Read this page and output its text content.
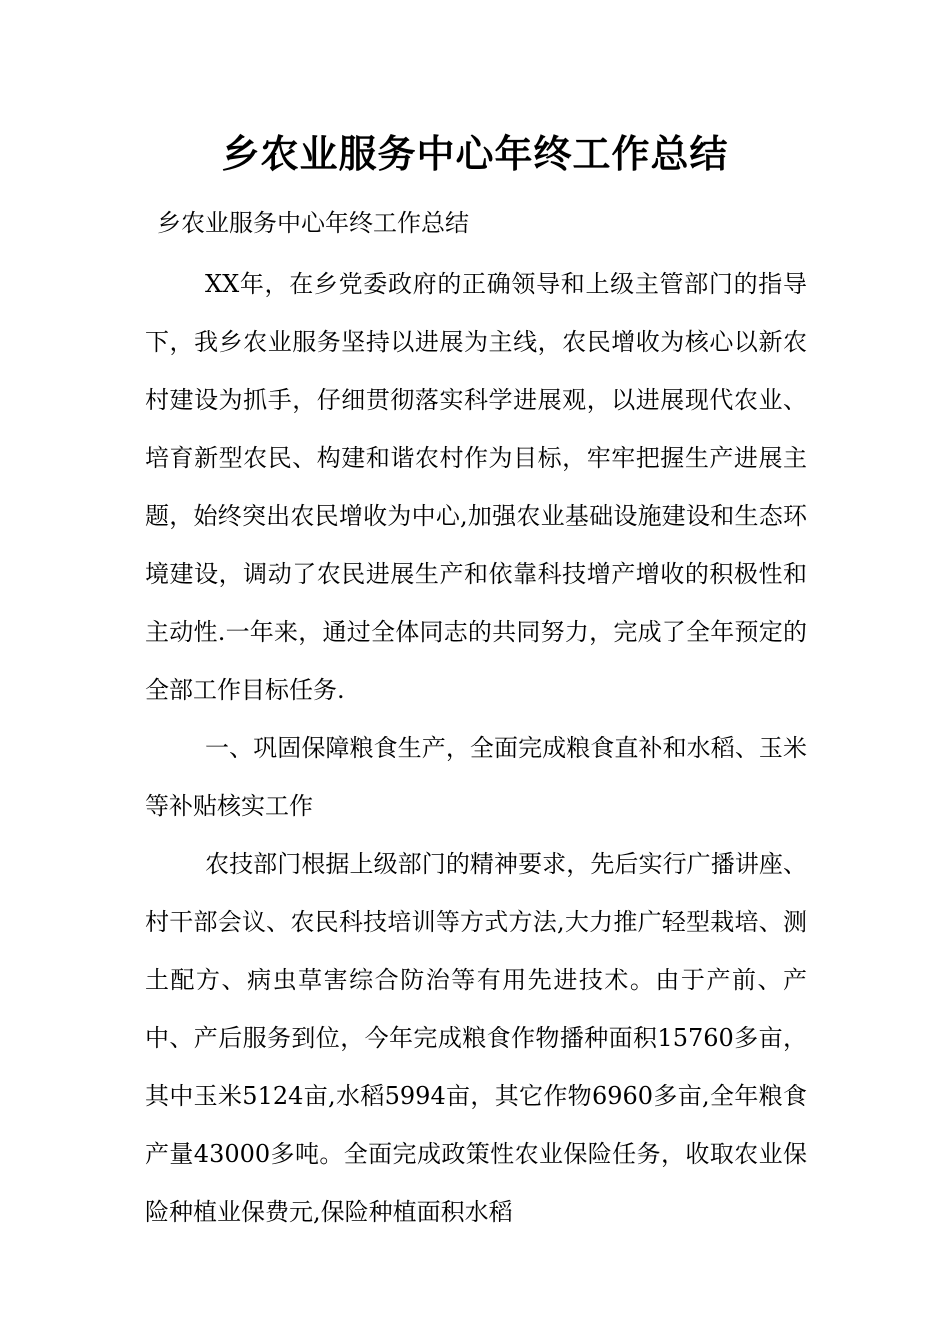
乡农业服务中心年终工作总结

乡农业服务中心年终工作总结

XX年，在乡党委政府的正确领导和上级主管部门的指导下，我乡农业服务坚持以进展为主线，农民增收为核心以新农村建设为抓手，仔细贯彻落实科学进展观，以进展现代农业、培育新型农民、构建和谐农村作为目标，牢牢把握生产进展主题，始终突出农民增收为中心,加强农业基础设施建设和生态环境建设，调动了农民进展生产和依靠科技增产增收的积极性和主动性.一年来，通过全体同志的共同努力，完成了全年预定的全部工作目标任务.

一、巩固保障粮食生产，全面完成粮食直补和水稻、玉米等补贴核实工作

农技部门根据上级部门的精神要求，先后实行广播讲座、村干部会议、农民科技培训等方式方法,大力推广轻型栽培、测土配方、病虫草害综合防治等有用先进技术。由于产前、产中、产后服务到位，今年完成粮食作物播种面积15760多亩，其中玉米5124亩,水稻5994亩，其它作物6960多亩,全年粮食产量43000多吨。全面完成政策性农业保险任务，收取农业保险种植业保费元,保险种植面积水稻
